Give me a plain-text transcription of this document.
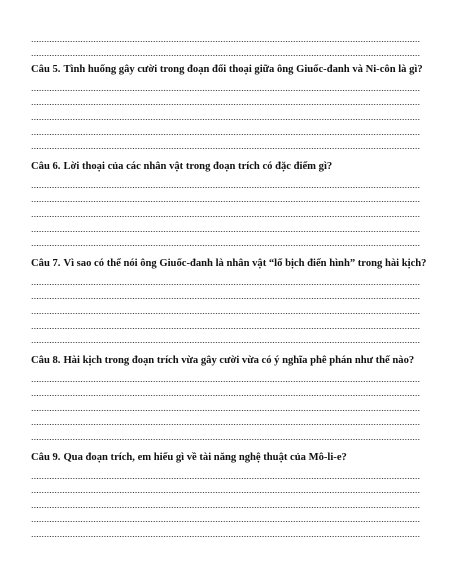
Câu 5. Tình huống gây cười trong đoạn đối thoại giữa ông Giuốc-đanh và Ni-côn là gì?
Câu 6. Lời thoại của các nhân vật trong đoạn trích có đặc điểm gì?
Câu 7. Vì sao có thể nói ông Giuốc-đanh là nhân vật “lố bịch điển hình” trong hài kịch?
Câu 8. Hài kịch trong đoạn trích vừa gây cười vừa có ý nghĩa phê phán như thế nào?
Câu 9. Qua đoạn trích, em hiểu gì về tài năng nghệ thuật của Mô-li-e?
